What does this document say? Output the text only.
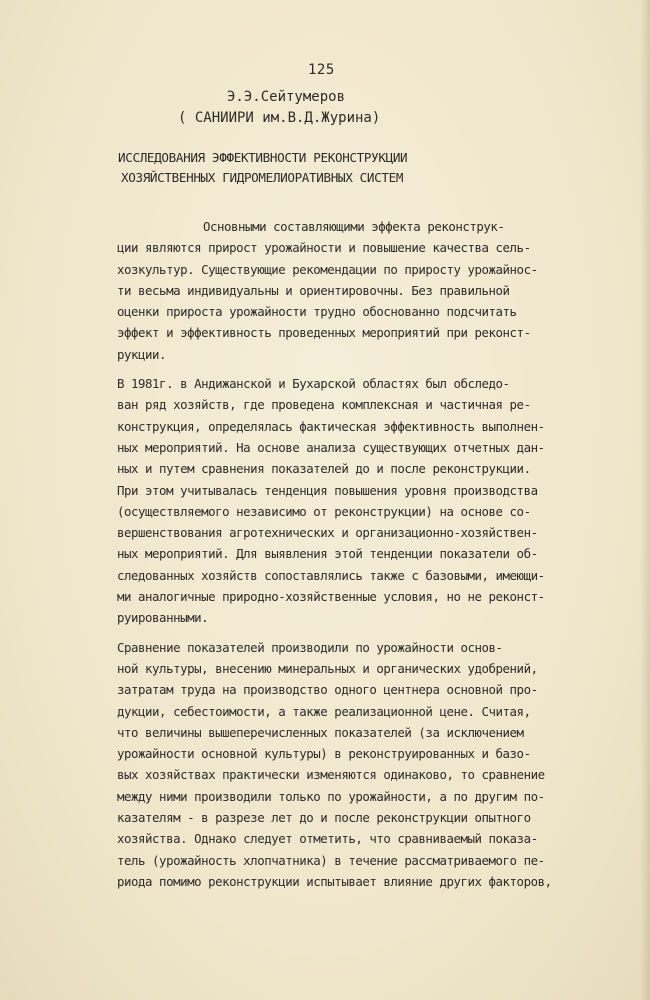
125
Э.Э.Сейтумеров
( САНИИРИ им.В.Д.Журина)
ИССЛЕДОВАНИЯ ЭФФЕКТИВНОСТИ РЕКОНСТРУКЦИИ
ХОЗЯЙСТВЕННЫХ ГИДРОМЕЛИОРАТИВНЫХ СИСТЕМ
Основными составляющими эффекта реконструк-
ции являются прирост урожайности и повышение качества сель-
хозкультур. Существующие рекомендации по приросту урожайнос-
ти весьма индивидуальны и ориентировочны. Без правильной
оценки прироста урожайности трудно обоснованно подсчитать
эффект и эффективность проведенных мероприятий при реконст-
рукции.
В 1981г. в Андижанской и Бухарской областях был обследо-
ван ряд хозяйств, где проведена комплексная и частичная ре-
конструкция, определялась фактическая эффективность выполнен-
ных мероприятий. На основе анализа существующих отчетных дан-
ных и путем сравнения показателей до и после реконструкции.
При этом учитывалась тенденция повышения уровня производства
(осуществляемого независимо от реконструкции) на основе со-
вершенствования агротехнических и организационно-хозяйствен-
ных мероприятий. Для выявления этой тенденции показатели об-
следованных хозяйств сопоставлялись также с базовыми, имеющи-
ми аналогичные природно-хозяйственные условия, но не реконст-
руированными.
Сравнение показателей производили по урожайности основ-
ной культуры, внесению минеральных и органических удобрений,
затратам труда на производство одного центнера основной про-
дукции, себестоимости, а также реализационной цене. Считая,
что величины вышеперечисленных показателей (за исключением
урожайности основной культуры) в реконструированных и базо-
вых хозяйствах практически изменяются одинаково, то сравнение
между ними производили только по урожайности, а по другим по-
казателям - в разрезе лет до и после реконструкции опытного
хозяйства. Однако следует отметить, что сравниваемый показа-
тель (урожайность хлопчатника) в течение рассматриваемого пе-
риода помимо реконструкции испытывает влияние других факторов,
